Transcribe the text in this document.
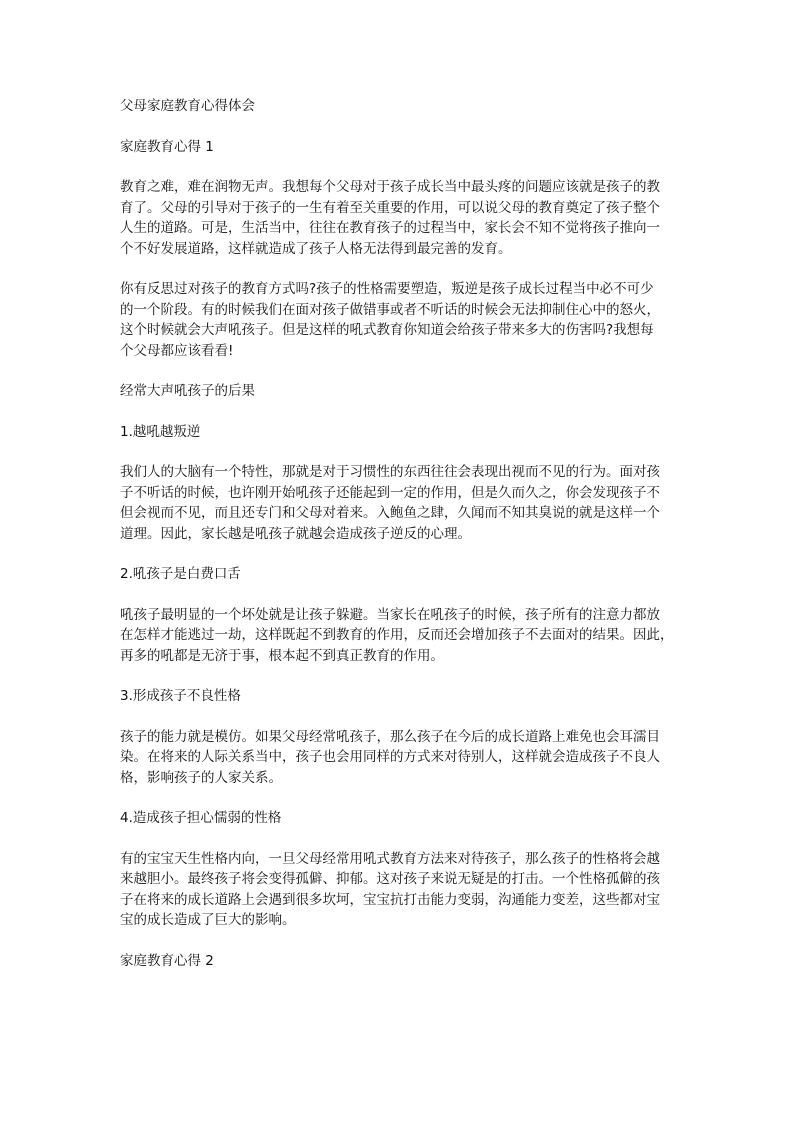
父母家庭教育心得体会

家庭教育心得 1

教育之难，难在润物无声。我想每个父母对于孩子成长当中最头疼的问题应该就是孩子的教

育了。父母的引导对于孩子的一生有着至关重要的作用，可以说父母的教育奠定了孩子整个

人生的道路。可是，生活当中，往往在教育孩子的过程当中，家长会不知不觉将孩子推向一

个不好发展道路，这样就造成了孩子人格无法得到最完善的发育。

你有反思过对孩子的教育方式吗?孩子的性格需要塑造，叛逆是孩子成长过程当中必不可少

的一个阶段。有的时候我们在面对孩子做错事或者不听话的时候会无法抑制住心中的怒火，

这个时候就会大声吼孩子。但是这样的吼式教育你知道会给孩子带来多大的伤害吗?我想每

个父母都应该看看!

经常大声吼孩子的后果

1.越吼越叛逆

我们人的大脑有一个特性，那就是对于习惯性的东西往往会表现出视而不见的行为。面对孩

子不听话的时候，也许刚开始吼孩子还能起到一定的作用，但是久而久之，你会发现孩子不

但会视而不见，而且还专门和父母对着来。入鲍鱼之肆，久闻而不知其臭说的就是这样一个

道理。因此，家长越是吼孩子就越会造成孩子逆反的心理。

2.吼孩子是白费口舌

吼孩子最明显的一个坏处就是让孩子躲避。当家长在吼孩子的时候，孩子所有的注意力都放

在怎样才能逃过一劫，这样既起不到教育的作用，反而还会增加孩子不去面对的结果。因此，

再多的吼都是无济于事，根本起不到真正教育的作用。

3.形成孩子不良性格

孩子的能力就是模仿。如果父母经常吼孩子，那么孩子在今后的成长道路上难免也会耳濡目

染。在将来的人际关系当中，孩子也会用同样的方式来对待别人，这样就会造成孩子不良人

格，影响孩子的人家关系。

4.造成孩子担心懦弱的性格

有的宝宝天生性格内向，一旦父母经常用吼式教育方法来对待孩子，那么孩子的性格将会越

来越胆小。最终孩子将会变得孤僻、抑郁。这对孩子来说无疑是的打击。一个性格孤僻的孩

子在将来的成长道路上会遇到很多坎坷，宝宝抗打击能力变弱，沟通能力变差，这些都对宝

宝的成长造成了巨大的影响。

家庭教育心得 2
